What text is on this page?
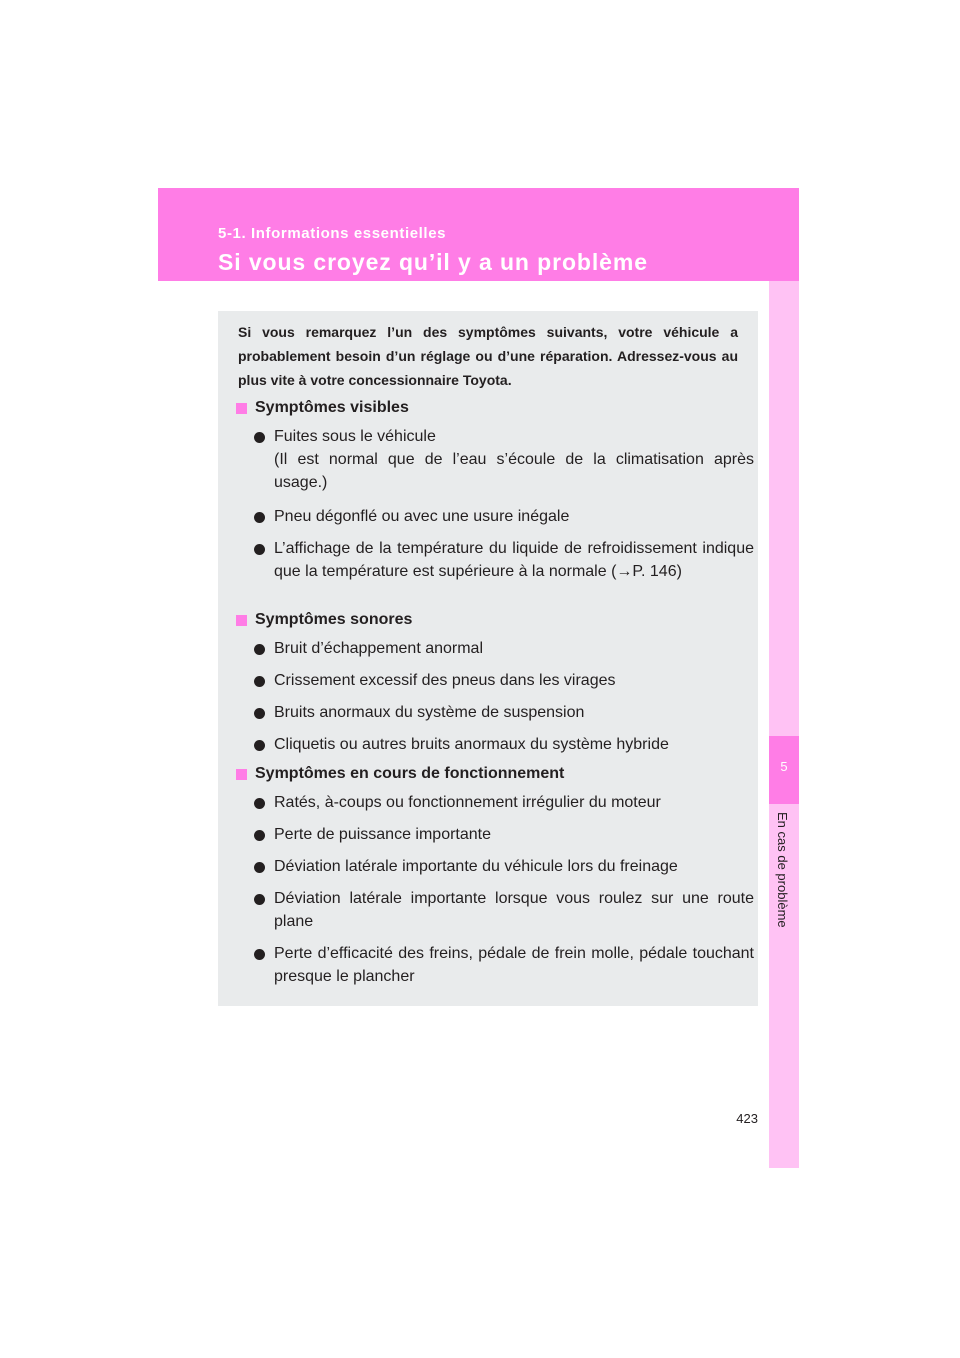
5-1. Informations essentielles
Si vous croyez qu’il y a un problème
5
En cas de problème
Si vous remarquez l’un des symptômes suivants, votre véhicule a probablement besoin d’un réglage ou d’une réparation. Adressez-vous au plus vite à votre concessionnaire Toyota.
Symptômes visibles
Fuites sous le véhicule
(Il est normal que de l’eau s’écoule de la climatisation après usage.)
Pneu dégonflé ou avec une usure inégale
L’affichage de la température du liquide de refroidissement indique que la température est supérieure à la normale (→P. 146)
Symptômes sonores
Bruit d’échappement anormal
Crissement excessif des pneus dans les virages
Bruits anormaux du système de suspension
Cliquetis ou autres bruits anormaux du système hybride
Symptômes en cours de fonctionnement
Ratés, à-coups ou fonctionnement irrégulier du moteur
Perte de puissance importante
Déviation latérale importante du véhicule lors du freinage
Déviation latérale importante lorsque vous roulez sur une route plane
Perte d’efficacité des freins, pédale de frein molle, pédale touchant presque le plancher
423
